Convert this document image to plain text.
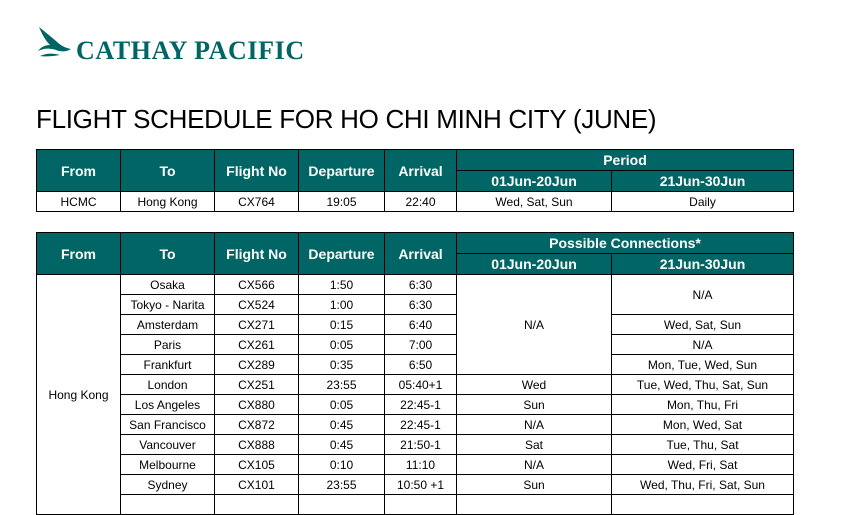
CATHAY PACIFIC
FLIGHT SCHEDULE FOR HO CHI MINH CITY (JUNE)
From	To	Flight No	Departure	Arrival	Period	
					01Jun-20Jun	21Jun-30Jun
HCMC	Hong Kong	CX764	19:05	22:40	Wed, Sat, Sun	Daily
From	To	Flight No	Departure	Arrival	Possible Connections*	
					01Jun-20Jun	21Jun-30Jun
Hong Kong	Osaka	CX566	1:50	6:30	N/A	N/A
	Tokyo - Narita	CX524	1:00	6:30		
	Amsterdam	CX271	0:15	6:40		Wed, Sat, Sun
	Paris	CX261	0:05	7:00		N/A
	Frankfurt	CX289	0:35	6:50		Mon, Tue, Wed, Sun
	London	CX251	23:55	05:40+1	Wed	Tue, Wed, Thu, Sat, Sun
	Los Angeles	CX880	0:05	22:45-1	Sun	Mon, Thu, Fri
	San Francisco	CX872	0:45	22:45-1	N/A	Mon, Wed, Sat
	Vancouver	CX888	0:45	21:50-1	Sat	Tue, Thu, Sat
	Melbourne	CX105	0:10	11:10	N/A	Wed, Fri, Sat
	Sydney	CX101	23:55	10:50 +1	Sun	Wed, Thu, Fri, Sat, Sun
